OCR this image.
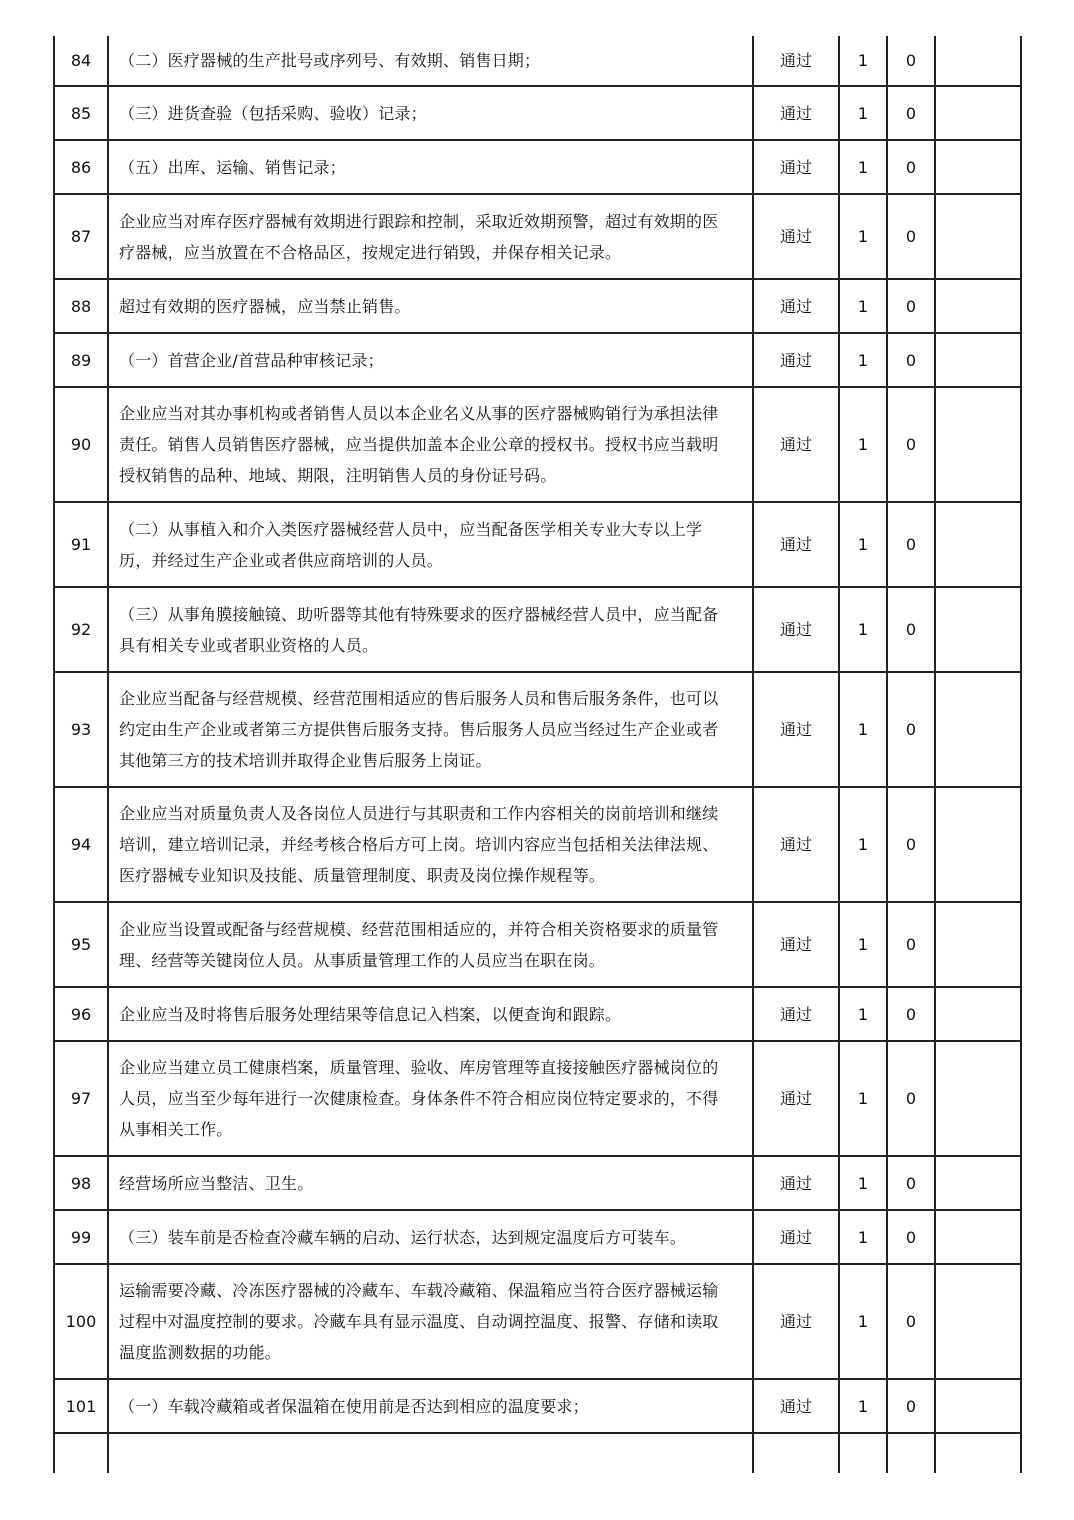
84	（二）医疗器械的生产批号或序列号、有效期、销售日期；	通过	1	0	
85	（三）进货查验（包括采购、验收）记录；	通过	1	0	
86	（五）出库、运输、销售记录；	通过	1	0	
87	企业应当对库存医疗器械有效期进行跟踪和控制，采取近效期预警，超过有效期的医疗器械，应当放置在不合格品区，按规定进行销毁，并保存相关记录。	通过	1	0	
88	超过有效期的医疗器械，应当禁止销售。	通过	1	0	
89	（一）首营企业/首营品种审核记录；	通过	1	0	
90	企业应当对其办事机构或者销售人员以本企业名义从事的医疗器械购销行为承担法律责任。销售人员销售医疗器械，应当提供加盖本企业公章的授权书。授权书应当载明授权销售的品种、地域、期限，注明销售人员的身份证号码。	通过	1	0	
91	（二）从事植入和介入类医疗器械经营人员中，应当配备医学相关专业大专以上学历，并经过生产企业或者供应商培训的人员。	通过	1	0	
92	（三）从事角膜接触镜、助听器等其他有特殊要求的医疗器械经营人员中，应当配备具有相关专业或者职业资格的人员。	通过	1	0	
93	企业应当配备与经营规模、经营范围相适应的售后服务人员和售后服务条件，也可以约定由生产企业或者第三方提供售后服务支持。售后服务人员应当经过生产企业或者其他第三方的技术培训并取得企业售后服务上岗证。	通过	1	0	
94	企业应当对质量负责人及各岗位人员进行与其职责和工作内容相关的岗前培训和继续培训，建立培训记录，并经考核合格后方可上岗。培训内容应当包括相关法律法规、医疗器械专业知识及技能、质量管理制度、职责及岗位操作规程等。	通过	1	0	
95	企业应当设置或配备与经营规模、经营范围相适应的，并符合相关资格要求的质量管理、经营等关键岗位人员。从事质量管理工作的人员应当在职在岗。	通过	1	0	
96	企业应当及时将售后服务处理结果等信息记入档案，以便查询和跟踪。	通过	1	0	
97	企业应当建立员工健康档案，质量管理、验收、库房管理等直接接触医疗器械岗位的人员，应当至少每年进行一次健康检查。身体条件不符合相应岗位特定要求的，不得从事相关工作。	通过	1	0	
98	经营场所应当整洁、卫生。	通过	1	0	
99	（三）装车前是否检查冷藏车辆的启动、运行状态，达到规定温度后方可装车。	通过	1	0	
100	运输需要冷藏、冷冻医疗器械的冷藏车、车载冷藏箱、保温箱应当符合医疗器械运输过程中对温度控制的要求。冷藏车具有显示温度、自动调控温度、报警、存储和读取温度监测数据的功能。	通过	1	0	
101	（一）车载冷藏箱或者保温箱在使用前是否达到相应的温度要求；	通过	1	0	
